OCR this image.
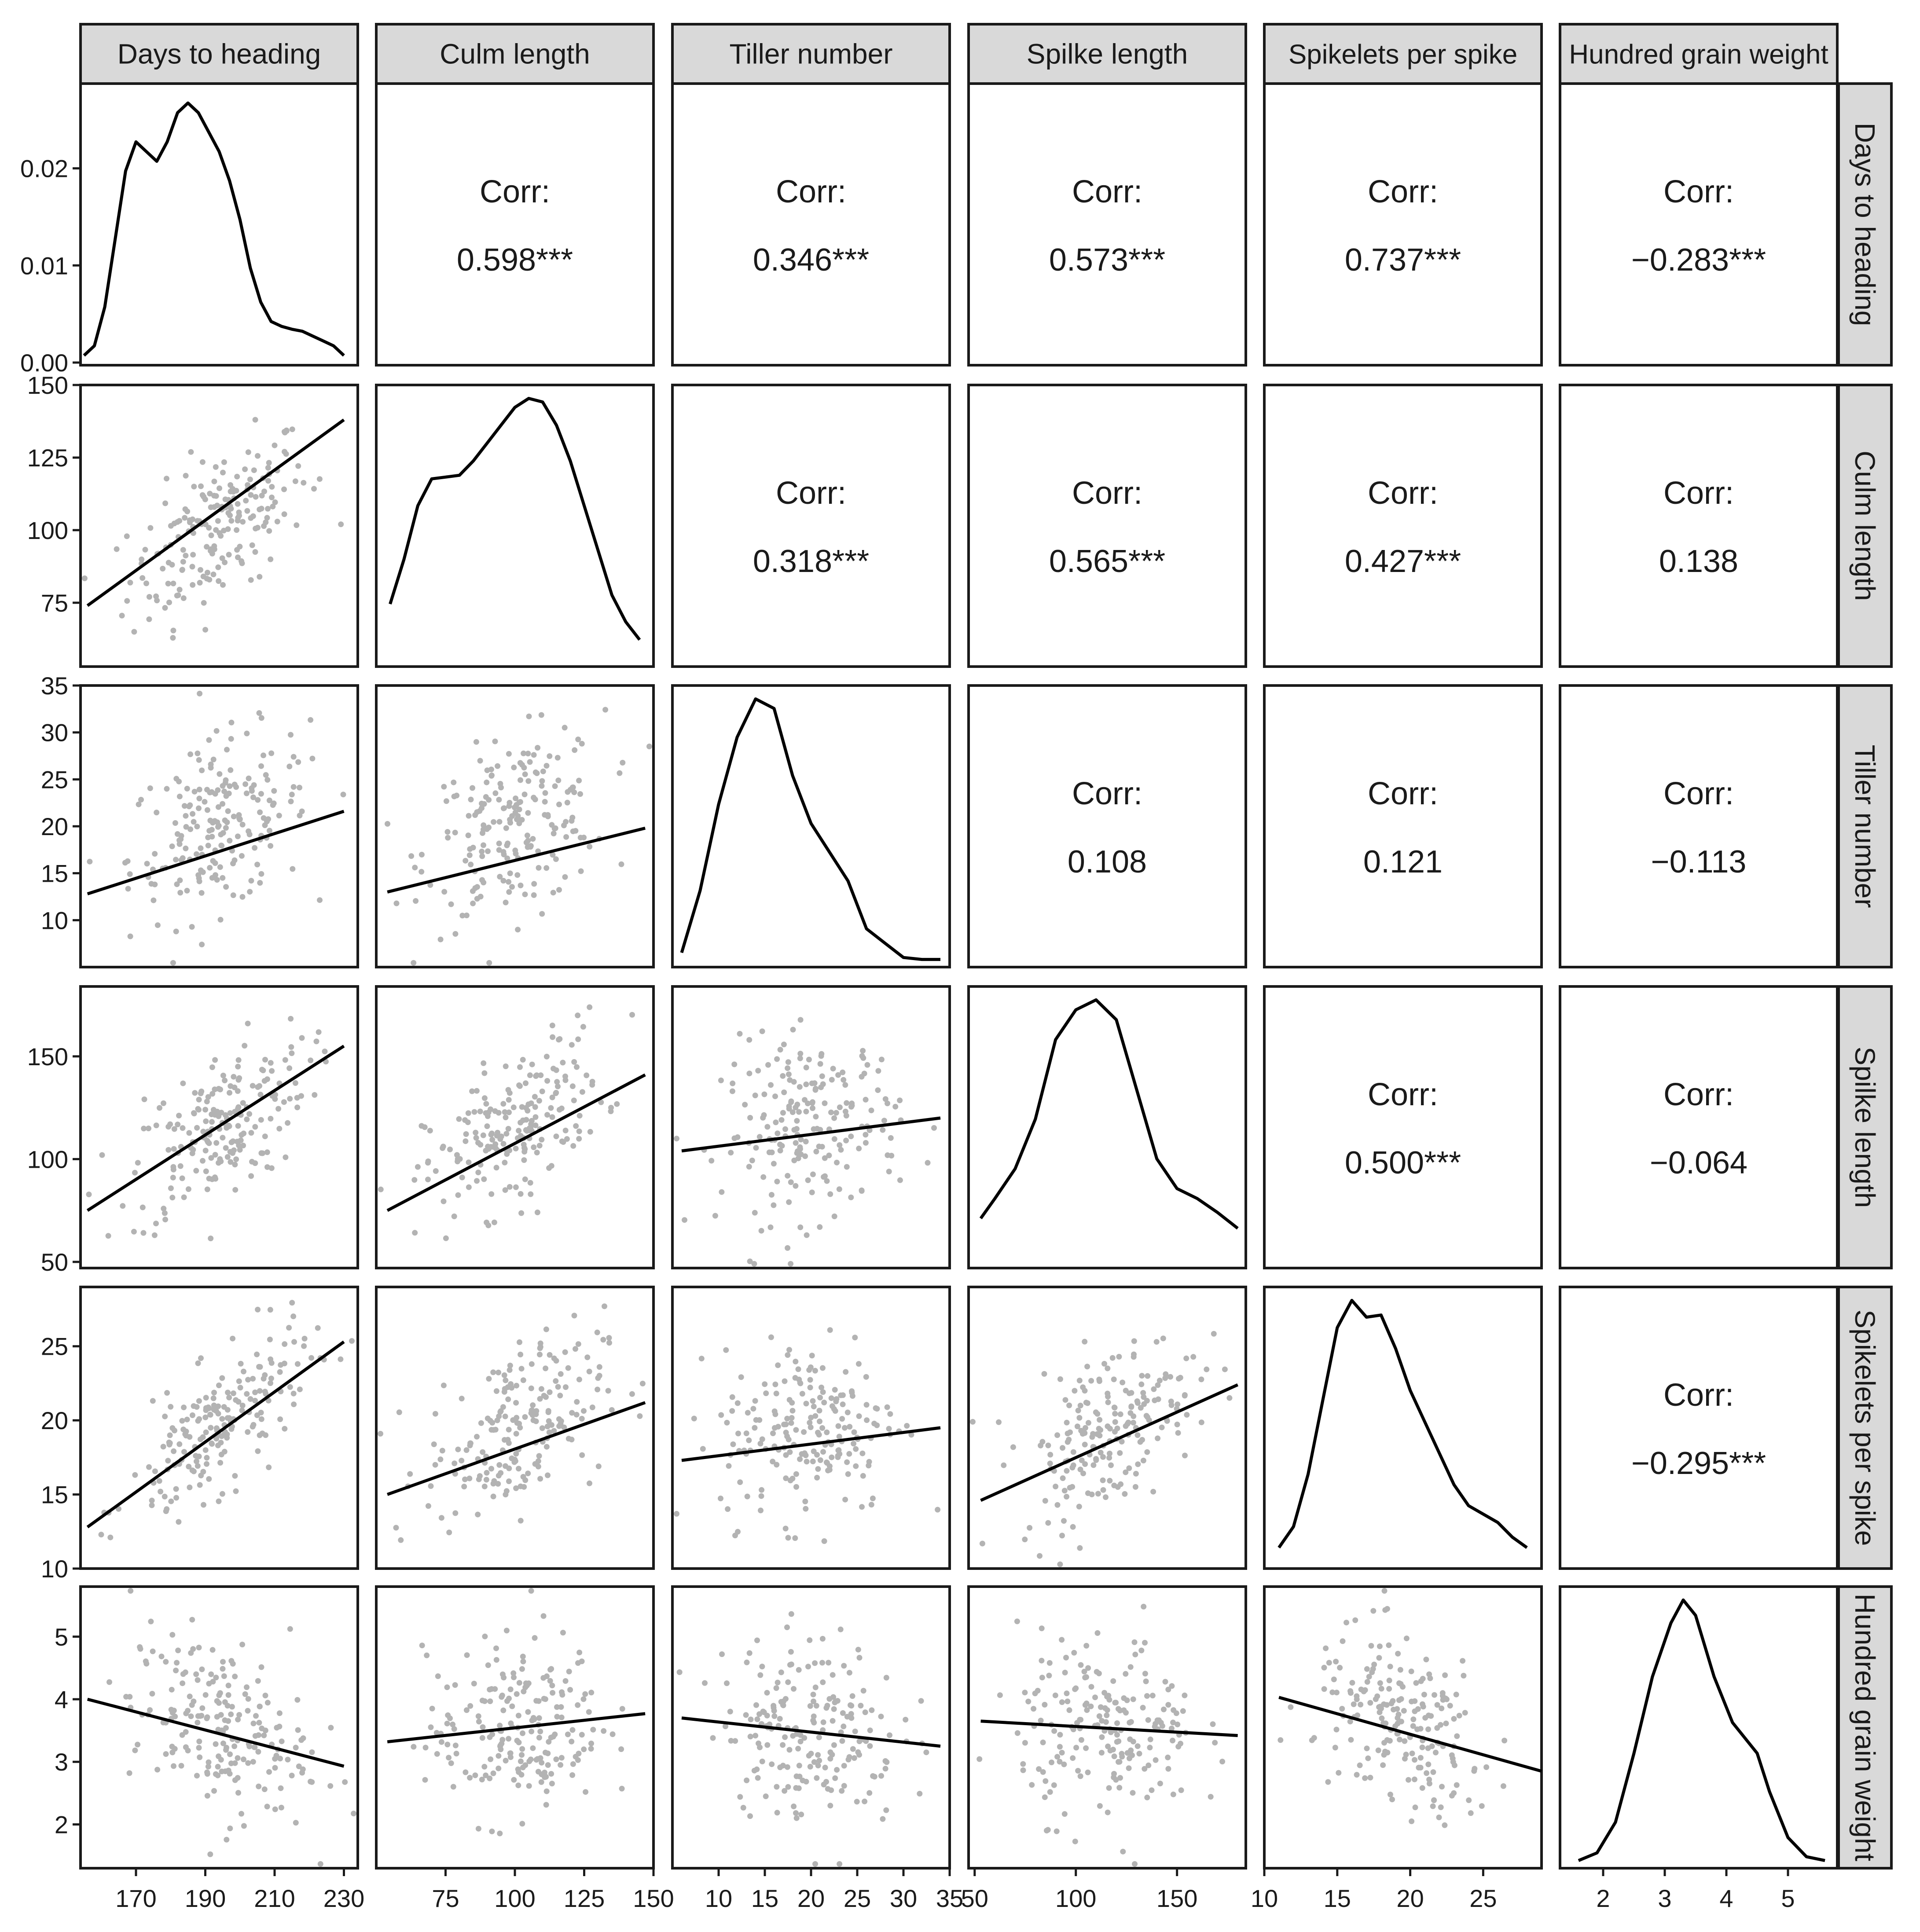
Days to heading	Culm length	Tiller number	Spilke length	Spikelets per spike Hundred grain weight
Days to heading
Culm length
Tiller number
Spilke length
Spikelets per spike
Hundred grain weight
Corr:
0.598***
Corr:
0.346***
Corr:
0.573***
Corr:
0.737***
Corr:
−0.283***
Corr:
0.318***
Corr:
0.565***
Corr:
0.427***
Corr:
0.138
Corr:
0.108
Corr:
0.121
Corr:
−0.113
Corr:
0.500***
Corr:
−0.064
Corr:
−0.295***
0.00
0.01
0.02
75
100
125
150
10
15
20
25
30
35
50
100
150
10
15
20
25
2
3
4
5
170 190 210 230	75 100 125 150 10 15 20 25 30 35
50	100 150 10 15 20 25	2 3 4 5
